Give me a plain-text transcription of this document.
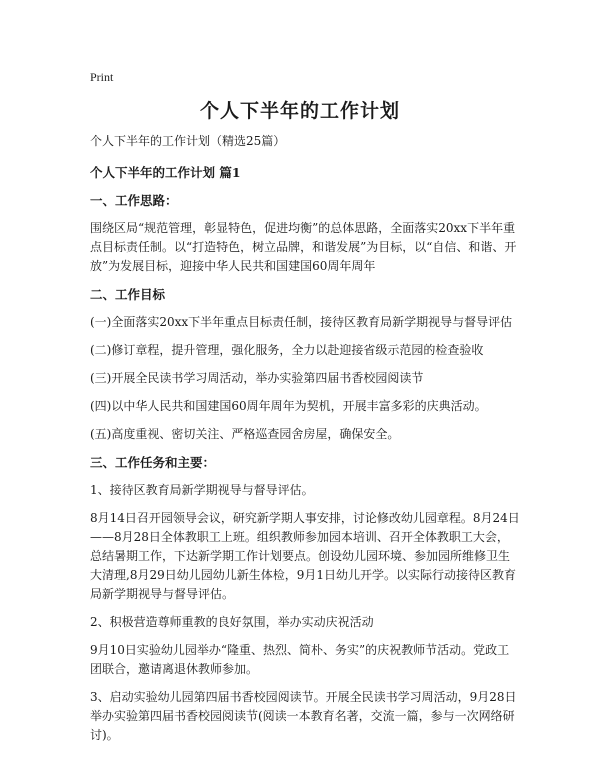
Print
个人下半年的工作计划

个人下半年的工作计划（精选25篇）

个人下半年的工作计划 篇1

一、工作思路：

围绕区局“规范管理，彰显特色，促进均衡”的总体思路，全面落实20xx下半年重点目标责任制。以“打造特色，树立品牌，和谐发展”为目标，以“自信、和谐、开放”为发展目标，迎接中华人民共和国建国60周年周年

二、工作目标

(一)全面落实20xx下半年重点目标责任制，接待区教育局新学期视导与督导评估

(二)修订章程，提升管理，强化服务，全力以赴迎接省级示范园的检查验收

(三)开展全民读书学习周活动，举办实验第四届书香校园阅读节

(四)以中华人民共和国建国60周年周年为契机，开展丰富多彩的庆典活动。

(五)高度重视、密切关注、严格巡查园舍房屋，确保安全。

三、工作任务和主要：

1、接待区教育局新学期视导与督导评估。

8月14日召开园领导会议，研究新学期人事安排，讨论修改幼儿园章程。8月24日——8月28日全体教职工上班。组织教师参加园本培训、召开全体教职工大会，总结暑期工作，下达新学期工作计划要点。创设幼儿园环境、参加园所维修卫生大清理,8月29日幼儿园幼儿新生体检，9月1日幼儿开学。以实际行动接待区教育局新学期视导与督导评估。

2、积极营造尊师重教的良好氛围，举办实动庆祝活动

9月10日实验幼儿园举办“隆重、热烈、简朴、务实”的庆祝教师节活动。党政工团联合，邀请离退休教师参加。

3、启动实验幼儿园第四届书香校园阅读节。开展全民读书学习周活动，9月28日举办实验第四届书香校园阅读节(阅读一本教育名著，交流一篇，参与一次网络研讨)。
